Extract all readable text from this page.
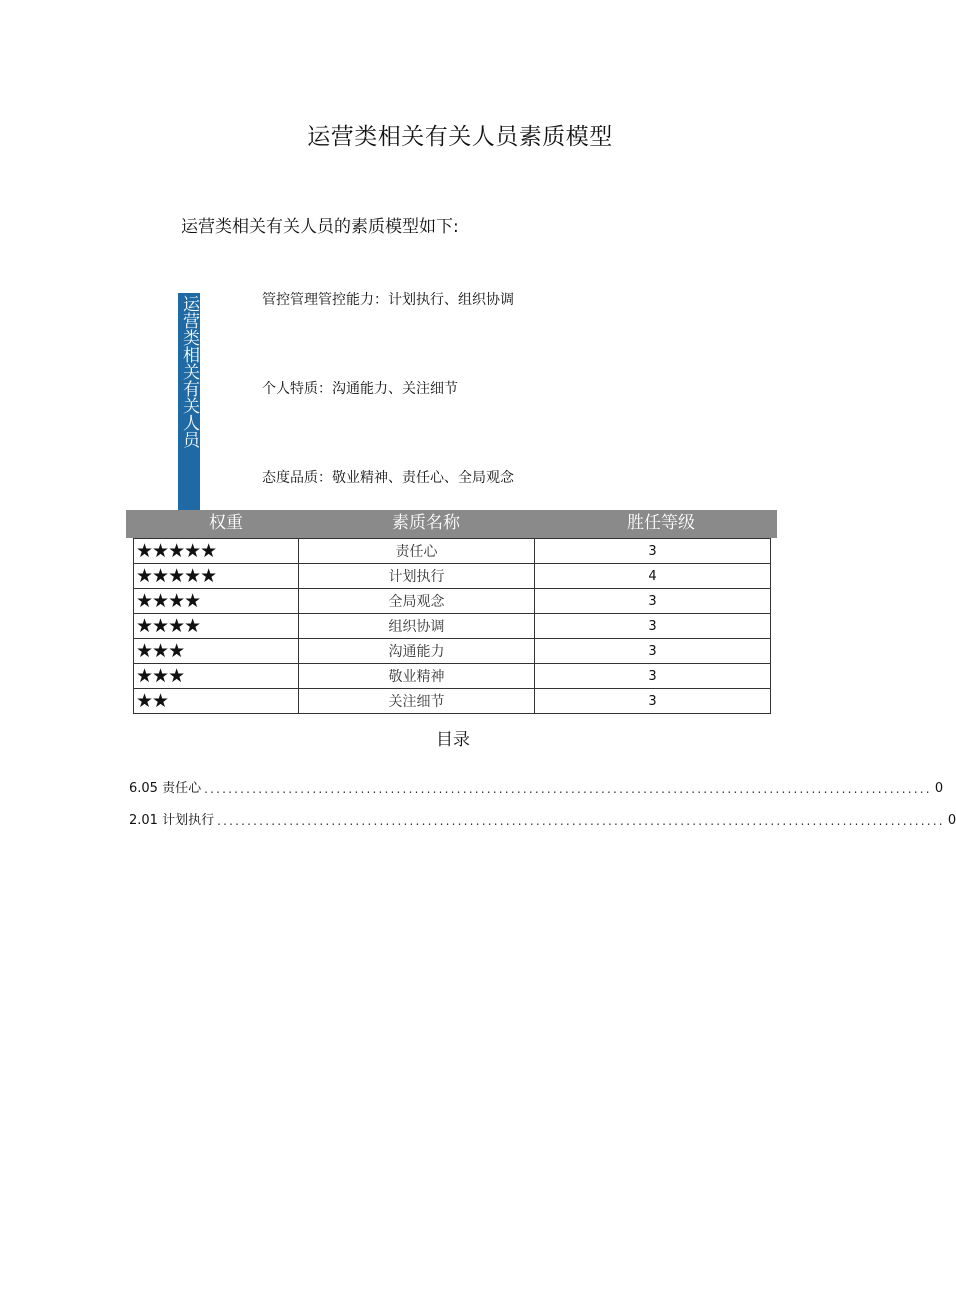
运营类相关有关人员素质模型
运营类相关有关人员的素质模型如下:
运营类相关有关人员	管控管理管控能力：计划执行、组织协调
个人特质：沟通能力、关注细节
态度品质：敬业精神、责任心、全局观念
权重	素质名称	胜任等级
★★★★★	责任心	3
★★★★★	计划执行	4
★★★★	全局观念	3
★★★★	组织协调	3
★★★	沟通能力	3
★★★	敬业精神	3
★★	关注细节	3
目录
6.05 责任心 ......................................................................................................................... 0
2.01 计划执行 ......................................................................................................................... 0
